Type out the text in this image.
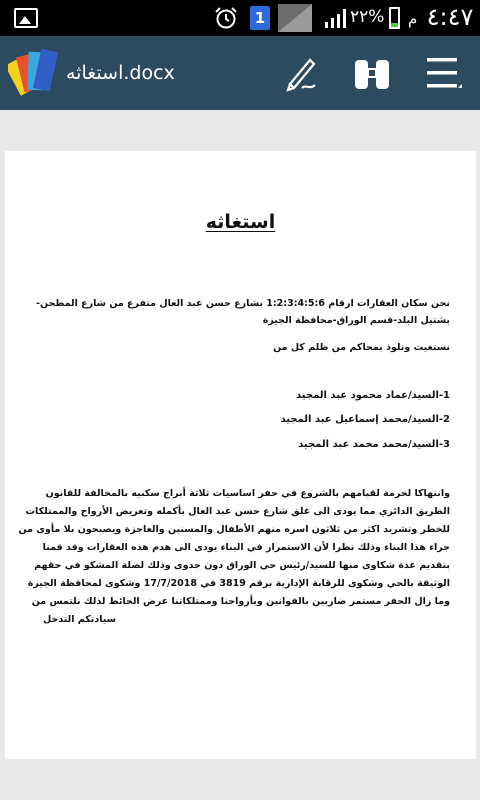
1	٢٢% م ٤:٤٧
استغاثه.docx
استغاثه
نحن سكان العقارات ارقام 1:2:3:4:5:6 بشارع حسن عبد العال متفرع من شارع المطحن-
بشتيل البلد-قسم الوراق-محافظة الجيزة
نستغيث ونلوذ بمحاكم من ظلم كل من
1-السيد/عماد محمود عبد المجيد
2-السيد/محمد إسماعيل عبد المجيد
3-السيد/محمد محمد عبد المجيد
وانتهاكا لحرمة لقيامهم بالشروع في حفر اساسيات ثلاثة أبراج سكنيه بالمخالفة للقانون
الطريق الدائري مما يودى الى غلق شارع حسن عبد العال بأكمله وتعريض الأرواح والممتلكات
للخطر وتشريد اكثر من ثلاثون اسره منهم الأطفال والمسنين والعاجزة ويصبحون بلا مأوى من
جراء هذا البناء وذلك نظرا لأن الاستمرار في البناء يودى الى هدم هذه العقارات وقد قمنا
بتقديم عدة شكاوى منها للسيد/رئيس حي الوراق دون جدوى وذلك لصلة المشكو في حقهم
الوثيقة بالحي وشكوى للرقابة الإدارية برقم 3819 في 17/7/2018 وشكوى لمحافظة الجيزة
وما زال الحفر مستمر ضاربين بالقوانين وبأرواحنا وممتلكاتنا عرض الحائط لذلك نلتمس من
سيادتكم التدخل
